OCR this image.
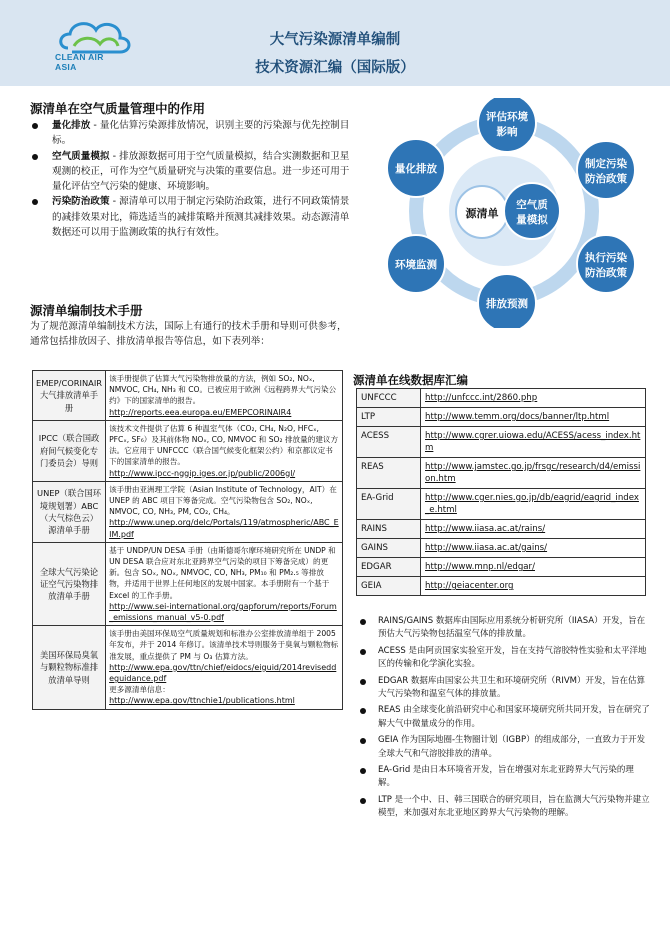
CLEAN AIR
ASIA
大气污染源清单编制
技术资源汇编（国际版）
源清单在空气质量管理中的作用
量化排放 - 量化估算污染源排放情况，识别主要的污染源与优先控制目标。
空气质量模拟 - 排放源数据可用于空气质量模拟，结合实测数据和卫星观测的校正，可作为空气质量研究与决策的重要信息。进一步还可用于量化评估空气污染的健康、环境影响。
污染防治政策 - 源清单可以用于制定污染防治政策，进行不同政策情景的减排效果对比，筛选适当的减排策略并预测其减排效果。动态源清单数据还可以用于监测政策的执行有效性。
源清单
空气质
量模拟
评估环境
影响
制定污染
防治政策
执行污染
防治政策
排放预测
环境监测
量化排放
源清单编制技术手册
为了规范源清单编制技术方法，国际上有通行的技术手册和导则可供参考，通常包括排放因子、排放清单报告等信息，如下表列举：
EMEP/CORINAIR 大气排放清单手册	该手册提供了估算大气污染物排放量的方法，例如 SO₂, NOₓ, NMVOC, CH₄, NH₃ 和 CO。已被应用于欧洲《远程跨界大气污染公约》下的国家清单的报告。
http://reports.eea.europa.eu/EMEPCORINAIR4

IPCC（联合国政府间气候变化专门委员会）导则	该技术文件提供了估算 6 种温室气体（CO₂, CH₄, N₂O, HFCₓ, PFCₓ, SF₆）及其前体物 NOₓ, CO, NMVOC 和 SO₂ 排放量的建议方法。它应用于 UNFCCC（联合国气候变化框架公约）和京都议定书下的国家清单的报告。
http://www.ipcc-nggip.iges.or.jp/public/2006gl/

UNEP（联合国环境规划署）ABC（大气棕色云）源清单手册	该手册由亚洲理工学院（Asian Institute of Technology，AIT）在 UNEP 的 ABC 项目下筹备完成。空气污染物包含 SO₂, NOₓ, NMVOC, CO, NH₃, PM, CO₂, CH₄。
http://www.unep.org/delc/Portals/119/atmospheric/ABC_EIM.pdf

全球大气污染论证空气污染物排放清单手册	基于 UNDP/UN DESA 手册（由斯德哥尔摩环境研究所在 UNDP 和 UN DESA 联合应对东北亚跨界空气污染的项目下筹备完成）的更新。包含 SOₓ, NOₓ, NMVOC, CO, NH₃, PM₁₀ 和 PM₂.₅ 等排放物，并适用于世界上任何地区的发展中国家。本手册附有一个基于 Excel 的工作手册。
http://www.sei-international.org/gapforum/reports/Forum_emissions_manual_v5-0.pdf

美国环保局臭氧与颗粒物标准排放清单导则	该手册由美国环保局空气质量规划和标准办公室排放清单组于 2005 年发布，并于 2014 年修订。该清单技术导则服务于臭氧与颗粒物标准发展，重点提供了 PM 与 O₃ 估算方法。
http://www.epa.gov/ttn/chief/eidocs/eiguid/2014reviseddeguidance.pdf
更多源清单信息：
http://www.epa.gov/ttnchie1/publications.html
源清单在线数据库汇编
UNFCCC	http://unfccc.int/2860.php
LTP	http://www.temm.org/docs/banner/ltp.html
ACESS	http://www.cgrer.uiowa.edu/ACESS/acess_index.htm
REAS	http://www.jamstec.go.jp/frsgc/research/d4/emission.htm
EA-Grid	http://www.cger.nies.go.jp/db/eagrid/eagrid_index_e.html
RAINS	http://www.iiasa.ac.at/rains/
GAINS	http://www.iiasa.ac.at/gains/
EDGAR	http://www.mnp.nl/edgar/
GEIA	http://geiacenter.org
RAINS/GAINS 数据库由国际应用系统分析研究所（IIASA）开发，旨在预估大气污染物包括温室气体的排放量。
ACESS 是由阿贡国家实验室开发，旨在支持气溶胶特性实验和太平洋地区的传输和化学演化实验。
EDGAR 数据库由国家公共卫生和环境研究所（RIVM）开发，旨在估算大气污染物和温室气体的排放量。
REAS 由全球变化前沿研究中心和国家环境研究所共同开发，旨在研究了解大气中微量成分的作用。
GEIA 作为国际地圈-生物圈计划（IGBP）的组成部分，一直致力于开发全球大气和气溶胶排放的清单。
EA-Grid 是由日本环境省开发，旨在增强对东北亚跨界大气污染的理解。
LTP 是一个中、日、韩三国联合的研究项目，旨在监测大气污染物并建立模型，来加强对东北亚地区跨界大气污染物的理解。
